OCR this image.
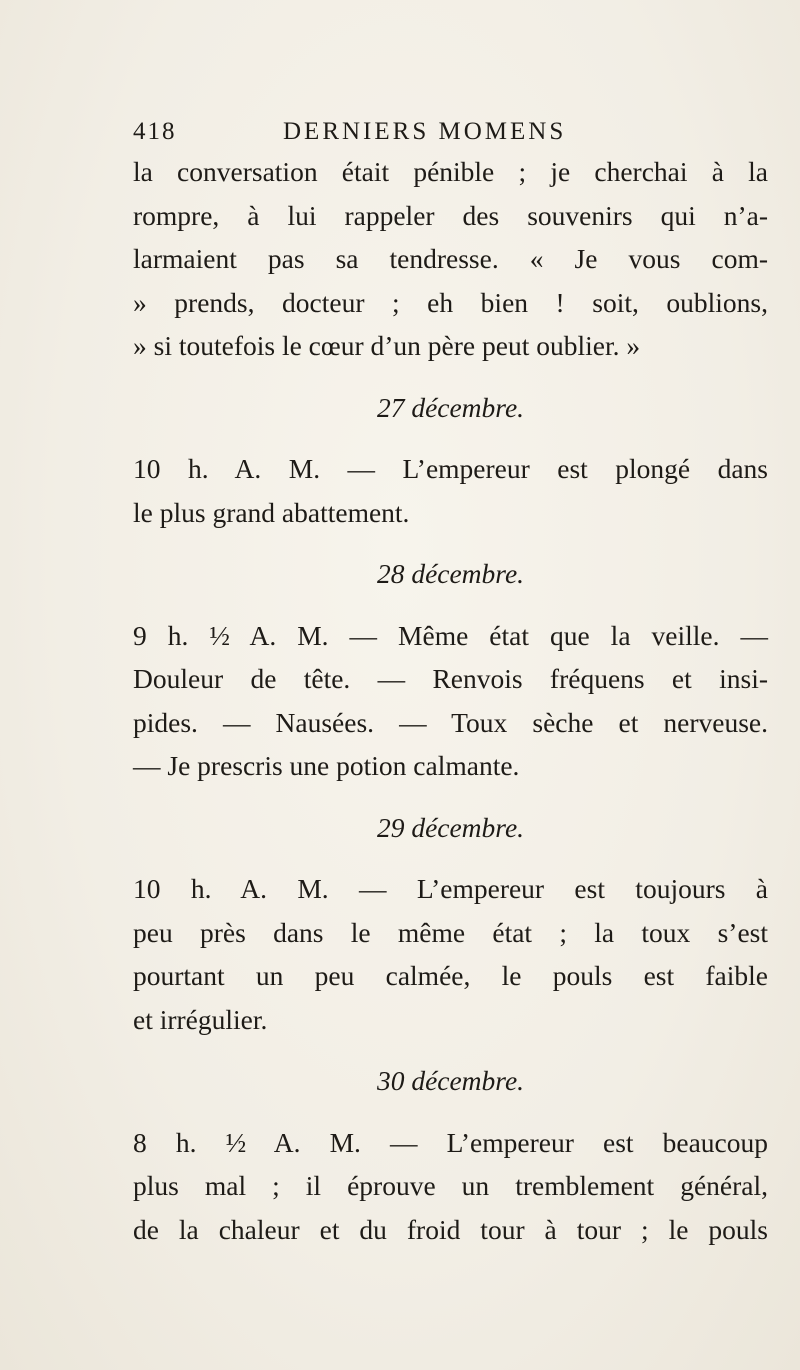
418	DERNIERS MOMENS
la conversation était pénible ; je cherchai à la
rompre, à lui rappeler des souvenirs qui n’a-
larmaient pas sa tendresse. « Je vous com-
» prends, docteur ; eh bien ! soit, oublions,
» si toutefois le cœur d’un père peut oublier. »
27 décembre.
10 h. A. M. — L’empereur est plongé dans
le plus grand abattement.
28 décembre.
9 h. ½ A. M. — Même état que la veille. —
Douleur de tête. — Renvois fréquens et insi-
pides. — Nausées. — Toux sèche et nerveuse.
— Je prescris une potion calmante.
29 décembre.
10 h. A. M. — L’empereur est toujours à
peu près dans le même état ; la toux s’est
pourtant un peu calmée, le pouls est faible
et irrégulier.
30 décembre.
8 h. ½ A. M. — L’empereur est beaucoup
plus mal ; il éprouve un tremblement général,
de la chaleur et du froid tour à tour ; le pouls
